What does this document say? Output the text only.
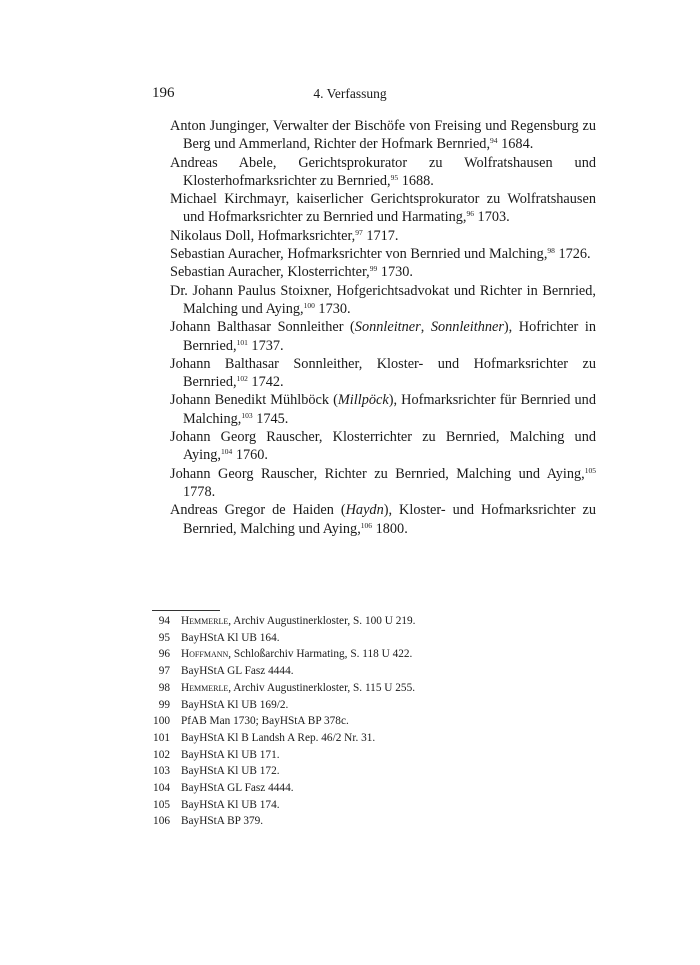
196	4. Verfassung
Anton Junginger, Verwalter der Bischöfe von Freising und Regensburg zu Berg und Ammerland, Richter der Hofmark Bernried,$^{94}$ 1684.
Andreas Abele, Gerichtsprokurator zu Wolfratshausen und Klosterhofmarksrichter zu Bernried,$^{95}$ 1688.
Michael Kirchmayr, kaiserlicher Gerichtsprokurator zu Wolfratshausen und Hofmarksrichter zu Bernried und Harmating,$^{96}$ 1703.
Nikolaus Doll, Hofmarksrichter,$^{97}$ 1717.
Sebastian Auracher, Hofmarksrichter von Bernried und Malching,$^{98}$ 1726.
Sebastian Auracher, Klosterrichter,$^{99}$ 1730.
Dr. Johann Paulus Stoixner, Hofgerichtsadvokat und Richter in Bernried, Malching und Aying,$^{100}$ 1730.
Johann Balthasar Sonnleither (Sonnleitner, Sonnleithner), Hofrichter in Bernried,$^{101}$ 1737.
Johann Balthasar Sonnleither, Kloster- und Hofmarksrichter zu Bernried,$^{102}$ 1742.
Johann Benedikt Mühlböck (Millpöck), Hofmarksrichter für Bernried und Malching,$^{103}$ 1745.
Johann Georg Rauscher, Klosterrichter zu Bernried, Malching und Aying,$^{104}$ 1760.
Johann Georg Rauscher, Richter zu Bernried, Malching und Aying,$^{105}$ 1778.
Andreas Gregor de Haiden (Haydn), Kloster- und Hofmarksrichter zu Bernried, Malching und Aying,$^{106}$ 1800.
94 Hemmerle, Archiv Augustinerkloster, S. 100 U 219.
95 BayHStA Kl UB 164.
96 Hoffmann, Schloßarchiv Harmating, S. 118 U 422.
97 BayHStA GL Fasz 4444.
98 Hemmerle, Archiv Augustinerkloster, S. 115 U 255.
99 BayHStA Kl UB 169/2.
100 PfAB Man 1730; BayHStA BP 378c.
101 BayHStA Kl B Landsh A Rep. 46/2 Nr. 31.
102 BayHStA Kl UB 171.
103 BayHStA Kl UB 172.
104 BayHStA GL Fasz 4444.
105 BayHStA Kl UB 174.
106 BayHStA BP 379.
